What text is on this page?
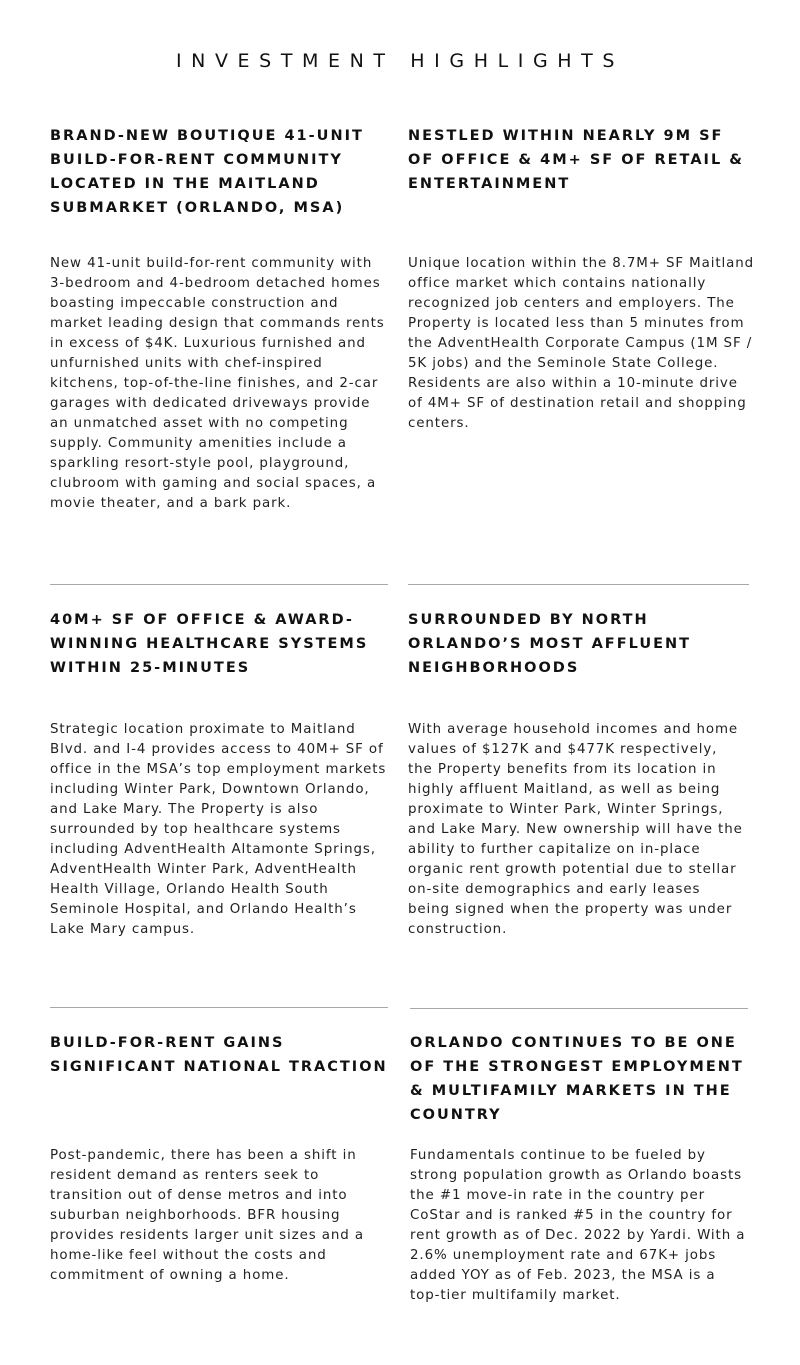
INVESTMENT HIGHLIGHTS
BRAND-NEW BOUTIQUE 41-UNIT BUILD-FOR-RENT COMMUNITY LOCATED IN THE MAITLAND SUBMARKET (ORLANDO, MSA)

New 41-unit build-for-rent community with 3-bedroom and 4-bedroom detached homes boasting impeccable construction and market leading design that commands rents in excess of $4K. Luxurious furnished and unfurnished units with chef-inspired kitchens, top-of-the-line finishes, and 2-car garages with dedicated driveways provide an unmatched asset with no competing supply. Community amenities include a sparkling resort-style pool, playground, clubroom with gaming and social spaces, a movie theater, and a bark park.

NESTLED WITHIN NEARLY 9M SF OF OFFICE & 4M+ SF OF RETAIL & ENTERTAINMENT

Unique location within the 8.7M+ SF Maitland office market which contains nationally recognized job centers and employers. The Property is located less than 5 minutes from the AdventHealth Corporate Campus (1M SF / 5K jobs) and the Seminole State College. Residents are also within a 10-minute drive of 4M+ SF of destination retail and shopping centers.

40M+ SF OF OFFICE & AWARD-WINNING HEALTHCARE SYSTEMS WITHIN 25-MINUTES

Strategic location proximate to Maitland Blvd. and I-4 provides access to 40M+ SF of office in the MSA’s top employment markets including Winter Park, Downtown Orlando, and Lake Mary. The Property is also surrounded by top healthcare systems including AdventHealth Altamonte Springs, AdventHealth Winter Park, AdventHealth Health Village, Orlando Health South Seminole Hospital, and Orlando Health’s Lake Mary campus.

SURROUNDED BY NORTH ORLANDO’S MOST AFFLUENT NEIGHBORHOODS

With average household incomes and home values of $127K and $477K respectively, the Property benefits from its location in highly affluent Maitland, as well as being proximate to Winter Park, Winter Springs, and Lake Mary. New ownership will have the ability to further capitalize on in-place organic rent growth potential due to stellar on-site demographics and early leases being signed when the property was under construction.

BUILD-FOR-RENT GAINS SIGNIFICANT NATIONAL TRACTION

Post-pandemic, there has been a shift in resident demand as renters seek to transition out of dense metros and into suburban neighborhoods. BFR housing provides residents larger unit sizes and a home-like feel without the costs and commitment of owning a home.

ORLANDO CONTINUES TO BE ONE OF THE STRONGEST EMPLOYMENT & MULTIFAMILY MARKETS IN THE COUNTRY

Fundamentals continue to be fueled by strong population growth as Orlando boasts the #1 move-in rate in the country per CoStar and is ranked #5 in the country for rent growth as of Dec. 2022 by Yardi. With a 2.6% unemployment rate and 67K+ jobs added YOY as of Feb. 2023, the MSA is a top-tier multifamily market.
